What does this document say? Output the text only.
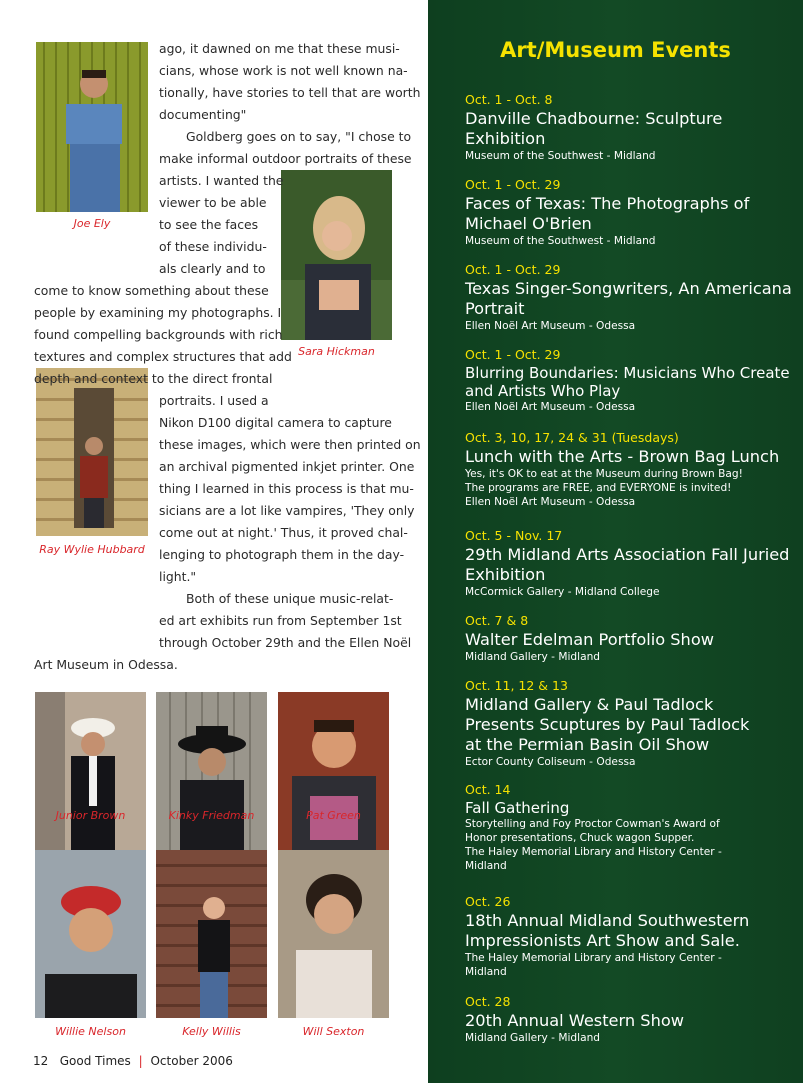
Joe Ely
Sara Hickman
Ray Wylie Hubbard
ago, it dawned on me that these musi-
cians, whose work is not well known na-
tionally, have stories to tell that are worth
documenting"
Goldberg goes on to say, "I chose to
make informal outdoor portraits of these
artists. I wanted the
viewer to be able
to see the faces
of these individu-
als clearly and to
come to know something about these
people by examining my photographs. I
found compelling backgrounds with rich
textures and complex structures that add
depth and context to the direct frontal
portraits. I used a
Nikon D100 digital camera to capture
these images, which were then printed on
an archival pigmented inkjet printer. One
thing I learned in this process is that mu-
sicians are a lot like vampires, 'They only
come out at night.' Thus, it proved chal-
lenging to photograph them in the day-
light."
Both of these unique music-relat-
ed art exhibits run from September 1st
through October 29th and the Ellen Noël
Art Museum in Odessa.
Junior Brown	Kinky Friedman	Pat Green
Willie Nelson	Kelly Willis	Will Sexton
12 Good Times | October 2006
Art/Museum Events
Oct. 1 - Oct. 8
Danville Chadbourne: Sculpture
Exhibition
Museum of the Southwest - Midland
Oct. 1 - Oct. 29
Faces of Texas: The Photographs of
Michael O'Brien
Museum of the Southwest - Midland
Oct. 1 - Oct. 29
Texas Singer-Songwriters, An Americana
Portrait
Ellen Noël Art Museum - Odessa
Oct. 1 - Oct. 29
Blurring Boundaries: Musicians Who Create
and Artists Who Play
Ellen Noël Art Museum - Odessa
Oct. 3, 10, 17, 24 & 31 (Tuesdays)
Lunch with the Arts - Brown Bag Lunch
Yes, it's OK to eat at the Museum during Brown Bag!
The programs are FREE, and EVERYONE is invited!
Ellen Noël Art Museum - Odessa
Oct. 5 - Nov. 17
29th Midland Arts Association Fall Juried
Exhibition
McCormick Gallery - Midland College
Oct. 7 & 8
Walter Edelman Portfolio Show
Midland Gallery - Midland
Oct. 11, 12 & 13
Midland Gallery & Paul Tadlock
Presents Scuptures by Paul Tadlock
at the Permian Basin Oil Show
Ector County Coliseum - Odessa
Oct. 14
Fall Gathering
Storytelling and Foy Proctor Cowman's Award of
Honor presentations, Chuck wagon Supper.
The Haley Memorial Library and History Center -
Midland
Oct. 26
18th Annual Midland Southwestern
Impressionists Art Show and Sale.
The Haley Memorial Library and History Center -
Midland
Oct. 28
20th Annual Western Show
Midland Gallery - Midland
